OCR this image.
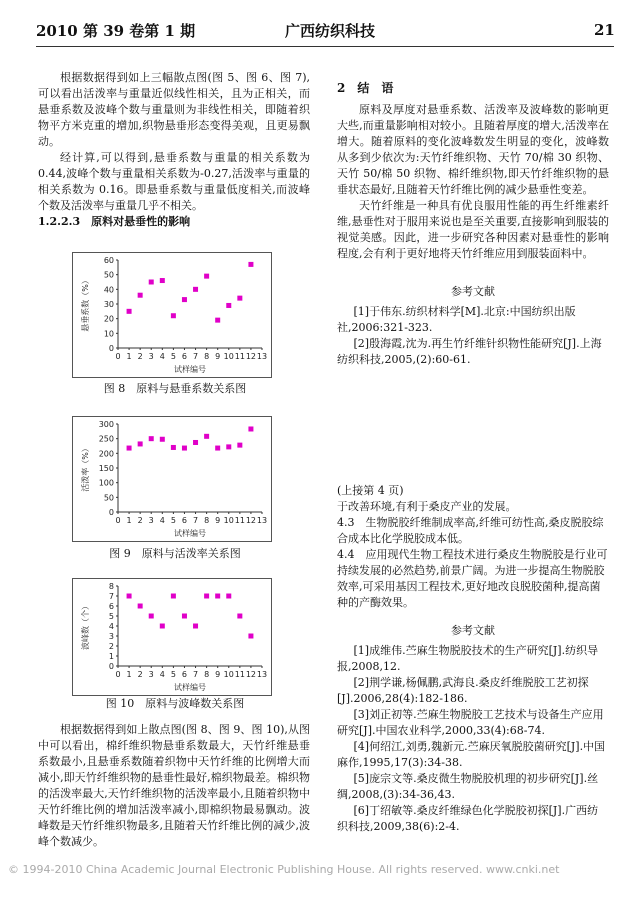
2010 第 39 卷第 1 期	广西纺织科技	21

根据数据得到如上三幅散点图(图 5、图 6、图 7),可以看出活泼率与重量近似线性相关，且为正相关，而悬垂系数及波峰个数与重量则为非线性相关，即随着织物平方米克重的增加,织物悬垂形态变得美观，且更易飘动。

经计算,可以得到,悬垂系数与重量的相关系数为 0.44,波峰个数与重量相关系数为-0.27,活泼率与重量的相关系数为 0.16。即悬垂系数与重量低度相关,而波峰个数及活泼率与重量几乎不相关。

1.2.2.3　原料对悬垂性的影响
0
10
20
30
40
50
60
0 1 2 3 4 5 6 7 8 9 10 11 12 13
试样编号
悬垂系数（%）
图 8　原料与悬垂系数关系图
0
50
100
150
200
250
300
0 1 2 3 4 5 6 7 8 9 10 11 12 13
试样编号
活泼率（%）
图 9　原料与活泼率关系图
0
1
2
3
4
5
6
7
8
0 1 2 3 4 5 6 7 8 9 10 11 12 13
试样编号
波峰数（个）
图 10　原料与波峰数关系图

根据数据得到如上散点图(图 8、图 9、图 10),从图中可以看出，棉纤维织物悬垂系数最大，天竹纤维悬垂系数最小,且悬垂系数随着织物中天竹纤维的比例增大而减小,即天竹纤维织物的悬垂性最好,棉织物最差。棉织物的活泼率最大,天竹纤维织物的活泼率最小,且随着织物中天竹纤维比例的增加活泼率减小,即棉织物最易飘动。波峰数是天竹纤维织物最多,且随着天竹纤维比例的减少,波峰个数减少。

2　结　语

原料及厚度对悬垂系数、活泼率及波峰数的影响更大些,而重量影响相对较小。且随着厚度的增大,活泼率在增大。随着原料的变化波峰数发生明显的变化，波峰数从多到少依次为:天竹纤维织物、天竹 70/棉 30 织物、天竹 50/棉 50 织物、棉纤维织物,即天竹纤维织物的悬垂状态最好,且随着天竹纤维比例的减少悬垂性变差。

天竹纤维是一种具有优良服用性能的再生纤维素纤维,悬垂性对于服用来说也是至关重要,直接影响到服装的视觉美感。因此，进一步研究各种因素对悬垂性的影响程度,会有利于更好地将天竹纤维应用到服装面料中。

参考文献
[1]于伟东.纺织材料学[M].北京:中国纺织出版社,2006:321-323.
[2]殷海霞,沈为.再生竹纤维针织物性能研究[J].上海纺织科技,2005,(2):60-61.
(上接第 4 页)
于改善环境,有利于桑皮产业的发展。
4.3　生物脱胶纤维制成率高,纤维可纺性高,桑皮脱胶综合成本比化学脱胶成本低。
4.4　应用现代生物工程技术进行桑皮生物脱胶是行业可持续发展的必然趋势,前景广阔。为进一步提高生物脱胶效率,可采用基因工程技术,更好地改良脱胶菌种,提高菌种的产酶效果。
参考文献
[1]成维伟.苎麻生物脱胶技术的生产研究[J].纺织导报,2008,12.
[2]荆学谦,杨佩鹏,武海良.桑皮纤维脱胶工艺初探[J].2006,28(4):182-186.
[3]刘正初等.苎麻生物脱胶工艺技术与设备生产应用研究[J].中国农业科学,2000,33(4):68-74.
[4]何绍江,刘勇,魏新元.苎麻厌氧脱胶菌研究[J].中国麻作,1995,17(3):34-38.
[5]庞宗文等.桑皮微生物脱胶机理的初步研究[J].丝绸,2008,(3):34-36,43.
[6]丁绍敏等.桑皮纤维绿色化学脱胶初探[J].广西纺织科技,2009,38(6):2-4.
© 1994-2010 China Academic Journal Electronic Publishing House. All rights reserved. www.cnki.net
